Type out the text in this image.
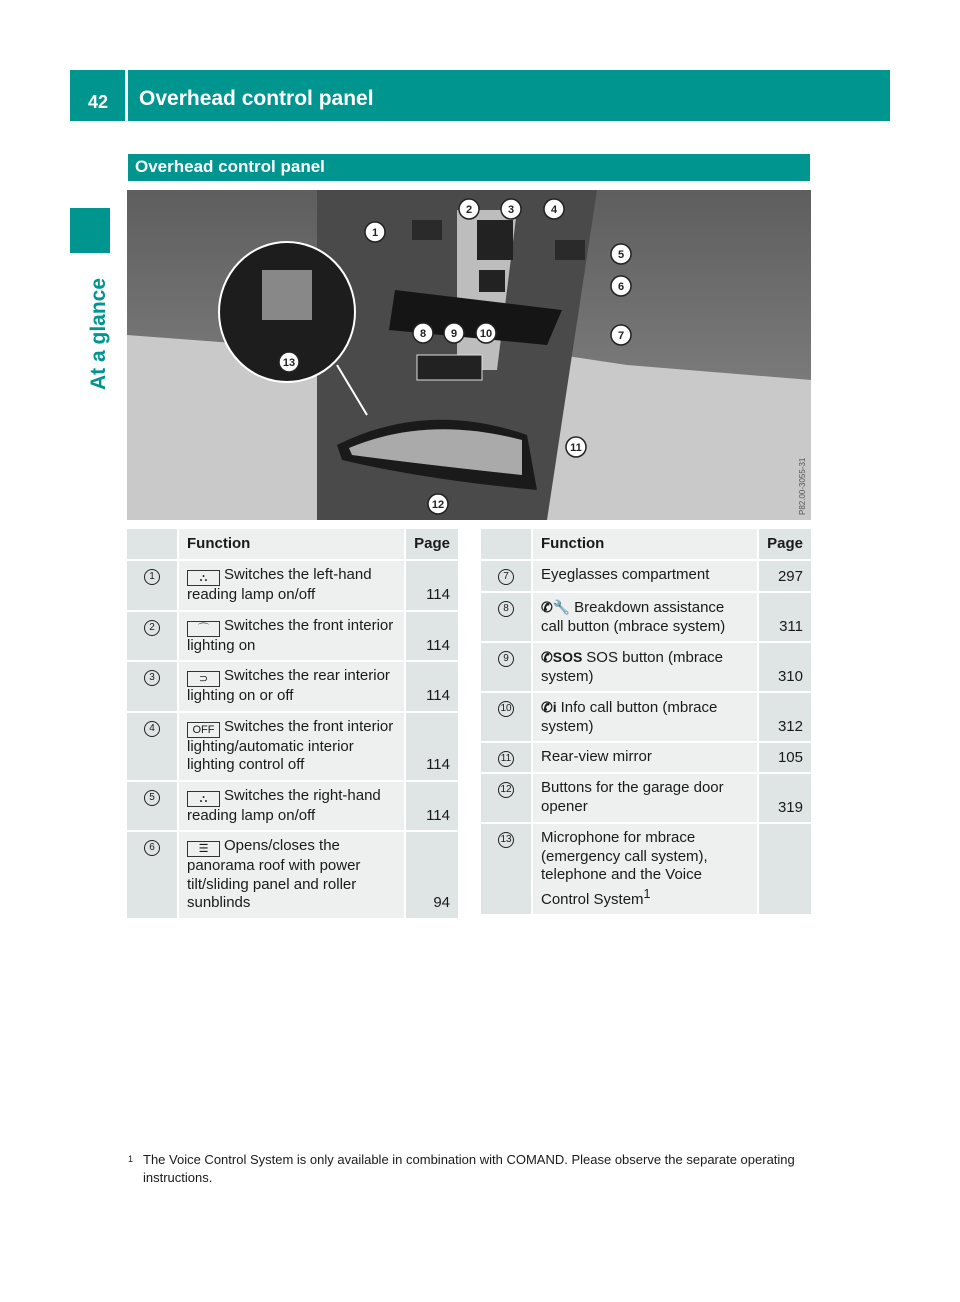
42	Overhead control panel
At a glance
Overhead control panel
1
2	3	4
5
6
7
8 9 10
11
12
13
P82.00-3055-31
	Function	Page
1	⛬ Switches the left-hand reading lamp on/off	114
2	⌒ Switches the front interior lighting on	114
3	⊃ Switches the rear interior lighting on or off	114
4	OFF Switches the front interior lighting/automatic interior lighting control off	114
5	⛬ Switches the right-hand reading lamp on/off	114
6	☰ Opens/closes the panorama roof with power tilt/sliding panel and roller sunblinds	94
	Function	Page
7	Eyeglasses compartment	297
8	✆🔧 Breakdown assistance call button (mbrace system)	311
9	✆SOS SOS button (mbrace system)	310
10	✆i Info call button (mbrace system)	312
11	Rear-view mirror	105
12	Buttons for the garage door opener	319
13	Microphone for mbrace (emergency call system), telephone and the Voice Control System$^1$	
1 The Voice Control System is only available in combination with COMAND. Please observe the separate operating instructions.
